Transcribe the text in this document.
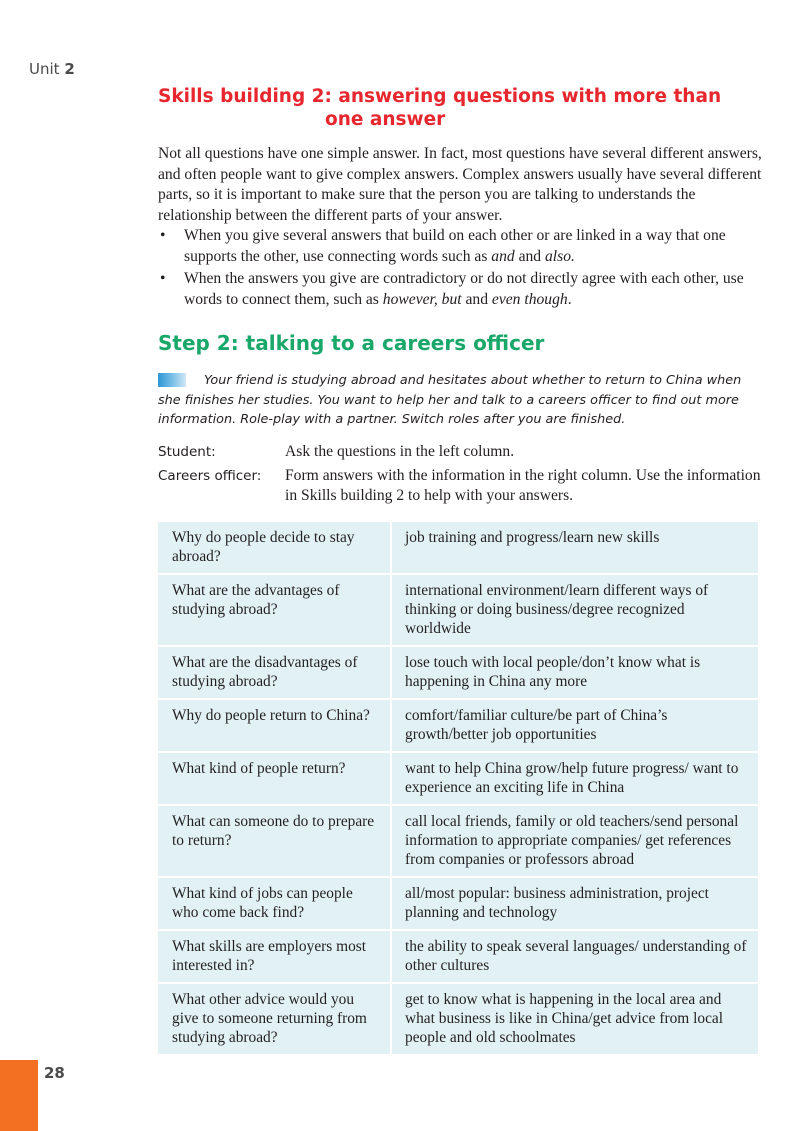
Unit 2
Skills building 2: answering questions with more than
one answer

Not all questions have one simple answer. In fact, most questions have several different answers, and often people want to give complex answers. Complex answers usually have several different parts, so it is important to make sure that the person you are talking to understands the relationship between the different parts of your answer.

• When you give several answers that build on each other or are linked in a way that one supports the other, use connecting words such as and and also.
• When the answers you give are contradictory or do not directly agree with each other, use words to connect them, such as however, but and even though.
Step 2: talking to a careers officer

Your friend is studying abroad and hesitates about whether to return to China when she finishes her studies. You want to help her and talk to a careers officer to find out more information. Role-play with a partner. Switch roles after you are finished.

Student:	Ask the questions in the left column.
Careers officer:	Form answers with the information in the right column. Use the information in Skills building 2 to help with your answers.
Why do people decide to stay abroad?	job training and progress/learn new skills
What are the advantages of studying abroad?	international environment/learn different ways of thinking or doing business/degree recognized worldwide
What are the disadvantages of studying abroad?	lose touch with local people/don’t know what is happening in China any more
Why do people return to China?	comfort/familiar culture/be part of China’s growth/better job opportunities
What kind of people return?	want to help China grow/help future progress/ want to experience an exciting life in China
What can someone do to prepare to return?	call local friends, family or old teachers/send personal information to appropriate companies/ get references from companies or professors abroad
What kind of jobs can people who come back find?	all/most popular: business administration, project planning and technology
What skills are employers most interested in?	the ability to speak several languages/ understanding of other cultures
What other advice would you give to someone returning from studying abroad?	get to know what is happening in the local area and what business is like in China/get advice from local people and old schoolmates
28
